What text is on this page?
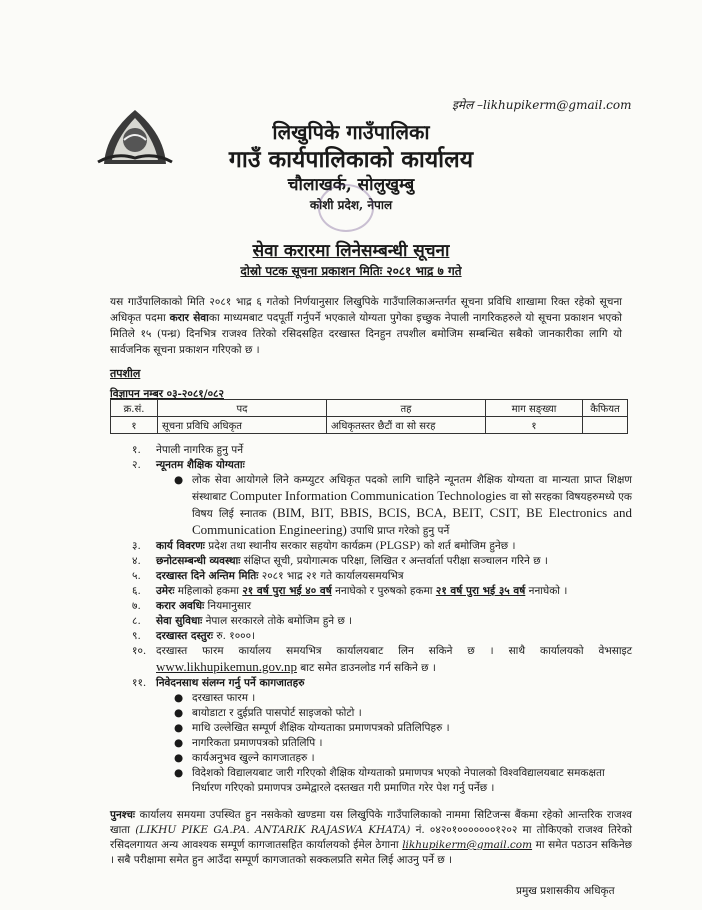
इमेल –likhupikerm@gmail.com
लिखुपिके गाउँपालिका
गाउँ कार्यपालिकाको कार्यालय
चौलाखर्क, सोलुखुम्बु
कोशी प्रदेश, नेपाल
सेवा करारमा लिनेसम्बन्धी सूचना
दोस्रो पटक सूचना प्रकाशन मितिः २०८१ भाद्र ७ गते
यस गाउँपालिकाको मिति २०८१ भाद्र ६ गतेको निर्णयानुसार लिखुपिके गाउँपालिकाअन्तर्गत सूचना प्रविधि शाखामा रिक्त रहेको सूचना अधिकृत पदमा करार सेवाका माध्यमबाट पदपूर्ती गर्नुपर्ने भएकाले योग्यता पुगेका इच्छुक नेपाली नागरिकहरुले यो सूचना प्रकाशन भएको मितिले १५ (पन्ध्र) दिनभित्र राजश्व तिरेको रसिदसहित दरखास्त दिनहुन तपशील बमोजिम सम्बन्धित सबैको जानकारीका लागि यो सार्वजनिक सूचना प्रकाशन गरिएको छ ।
तपशील
विज्ञापन नम्बर ०३-२०८१/०८२
क्र.सं.	पद	तह	माग सङ्ख्या	कैफियत
१	सूचना प्रविधि अधिकृत	अधिकृतस्तर छैटौं वा सो सरह	१	
१. नेपाली नागरिक हुनु पर्ने
२. न्यूनतम शैक्षिक योग्यताः
● लोक सेवा आयोगले लिने कम्प्युटर अधिकृत पदको लागि चाहिने न्यूनतम शैक्षिक योग्यता वा मान्यता प्राप्त शिक्षण संस्थाबाट Computer Information Communication Technologies वा सो सरहका विषयहरुमध्ये एक विषय लिई स्नातक (BIM, BIT, BBIS, BCIS, BCA, BEIT, CSIT, BE Electronics and Communication Engineering) उपाधि प्राप्त गरेको हुनु पर्ने
३. कार्य विवरणः प्रदेश तथा स्थानीय सरकार सहयोग कार्यक्रम (PLGSP) को शर्त बमोजिम हुनेछ ।
४. छनोटसम्बन्धी व्यवस्थाः संक्षिप्त सूची, प्रयोगात्मक परिक्षा, लिखित र अन्तर्वार्ता परीक्षा सञ्चालन गरिने छ ।
५. दरखास्त दिने अन्तिम मितिः २०८१ भाद्र २१ गते कार्यालयसमयभित्र
६. उमेरः महिलाको हकमा २१ वर्ष पुरा भई ४० वर्ष ननाघेको र पुरुषको हकमा २१ वर्ष पुरा भई ३५ वर्ष ननाघेको ।
७. करार अवधिः नियमानुसार
८. सेवा सुविधाः नेपाल सरकारले तोके बमोजिम हुने छ ।
९. दरखास्त दस्तुरः रु. १०००।
१०. दरखास्त फारम कार्यालय समयभित्र कार्यालयबाट लिन सकिने छ । साथै कार्यालयको वेभसाइट www.likhupikemun.gov.np बाट समेत डाउनलोड गर्न सकिने छ ।
११. निवेदनसाथ संलग्न गर्नु पर्ने कागजातहरु
● दरखास्त फारम ।
● बायोडाटा र दुईप्रति पासपोर्ट साइजको फोटो ।
● माथि उल्लेखित सम्पूर्ण शैक्षिक योग्यताका प्रमाणपत्रको प्रतिलिपिहरु ।
● नागरिकता प्रमाणपत्रको प्रतिलिपि ।
● कार्यअनुभव खुल्ने कागजातहरु ।
● विदेशको विद्यालयबाट जारी गरिएको शैक्षिक योग्यताको प्रमाणपत्र भएको नेपालको विश्वविद्यालयबाट समकक्षता निर्धारण गरिएको प्रमाणपत्र उम्मेद्वारले दस्तखत गरी प्रमाणित गरेर पेश गर्नु पर्नेछ ।
पुनश्चः कार्यालय समयमा उपस्थित हुन नसकेको खण्डमा यस लिखुपिके गाउँपालिकाको नाममा सिटिजन्स बैंकमा रहेको आन्तरिक राजश्व खाता (LIKHU PIKE GA.PA. ANTARIK RAJASWA KHATA) नं. ०४२०१०००००००१२०२ मा तोकिएको राजश्व तिरेको रसिदलगायत अन्य आवश्यक सम्पूर्ण कागजातसहित कार्यालयको ईमेल ठेगाना likhupikerm@gmail.com मा समेत पठाउन सकिनेछ । सबै परीक्षामा समेत हुन आउँदा सम्पूर्ण कागजातको सक्कलप्रति समेत लिई आउनु पर्ने छ ।
प्रमुख प्रशासकीय अधिकृत
